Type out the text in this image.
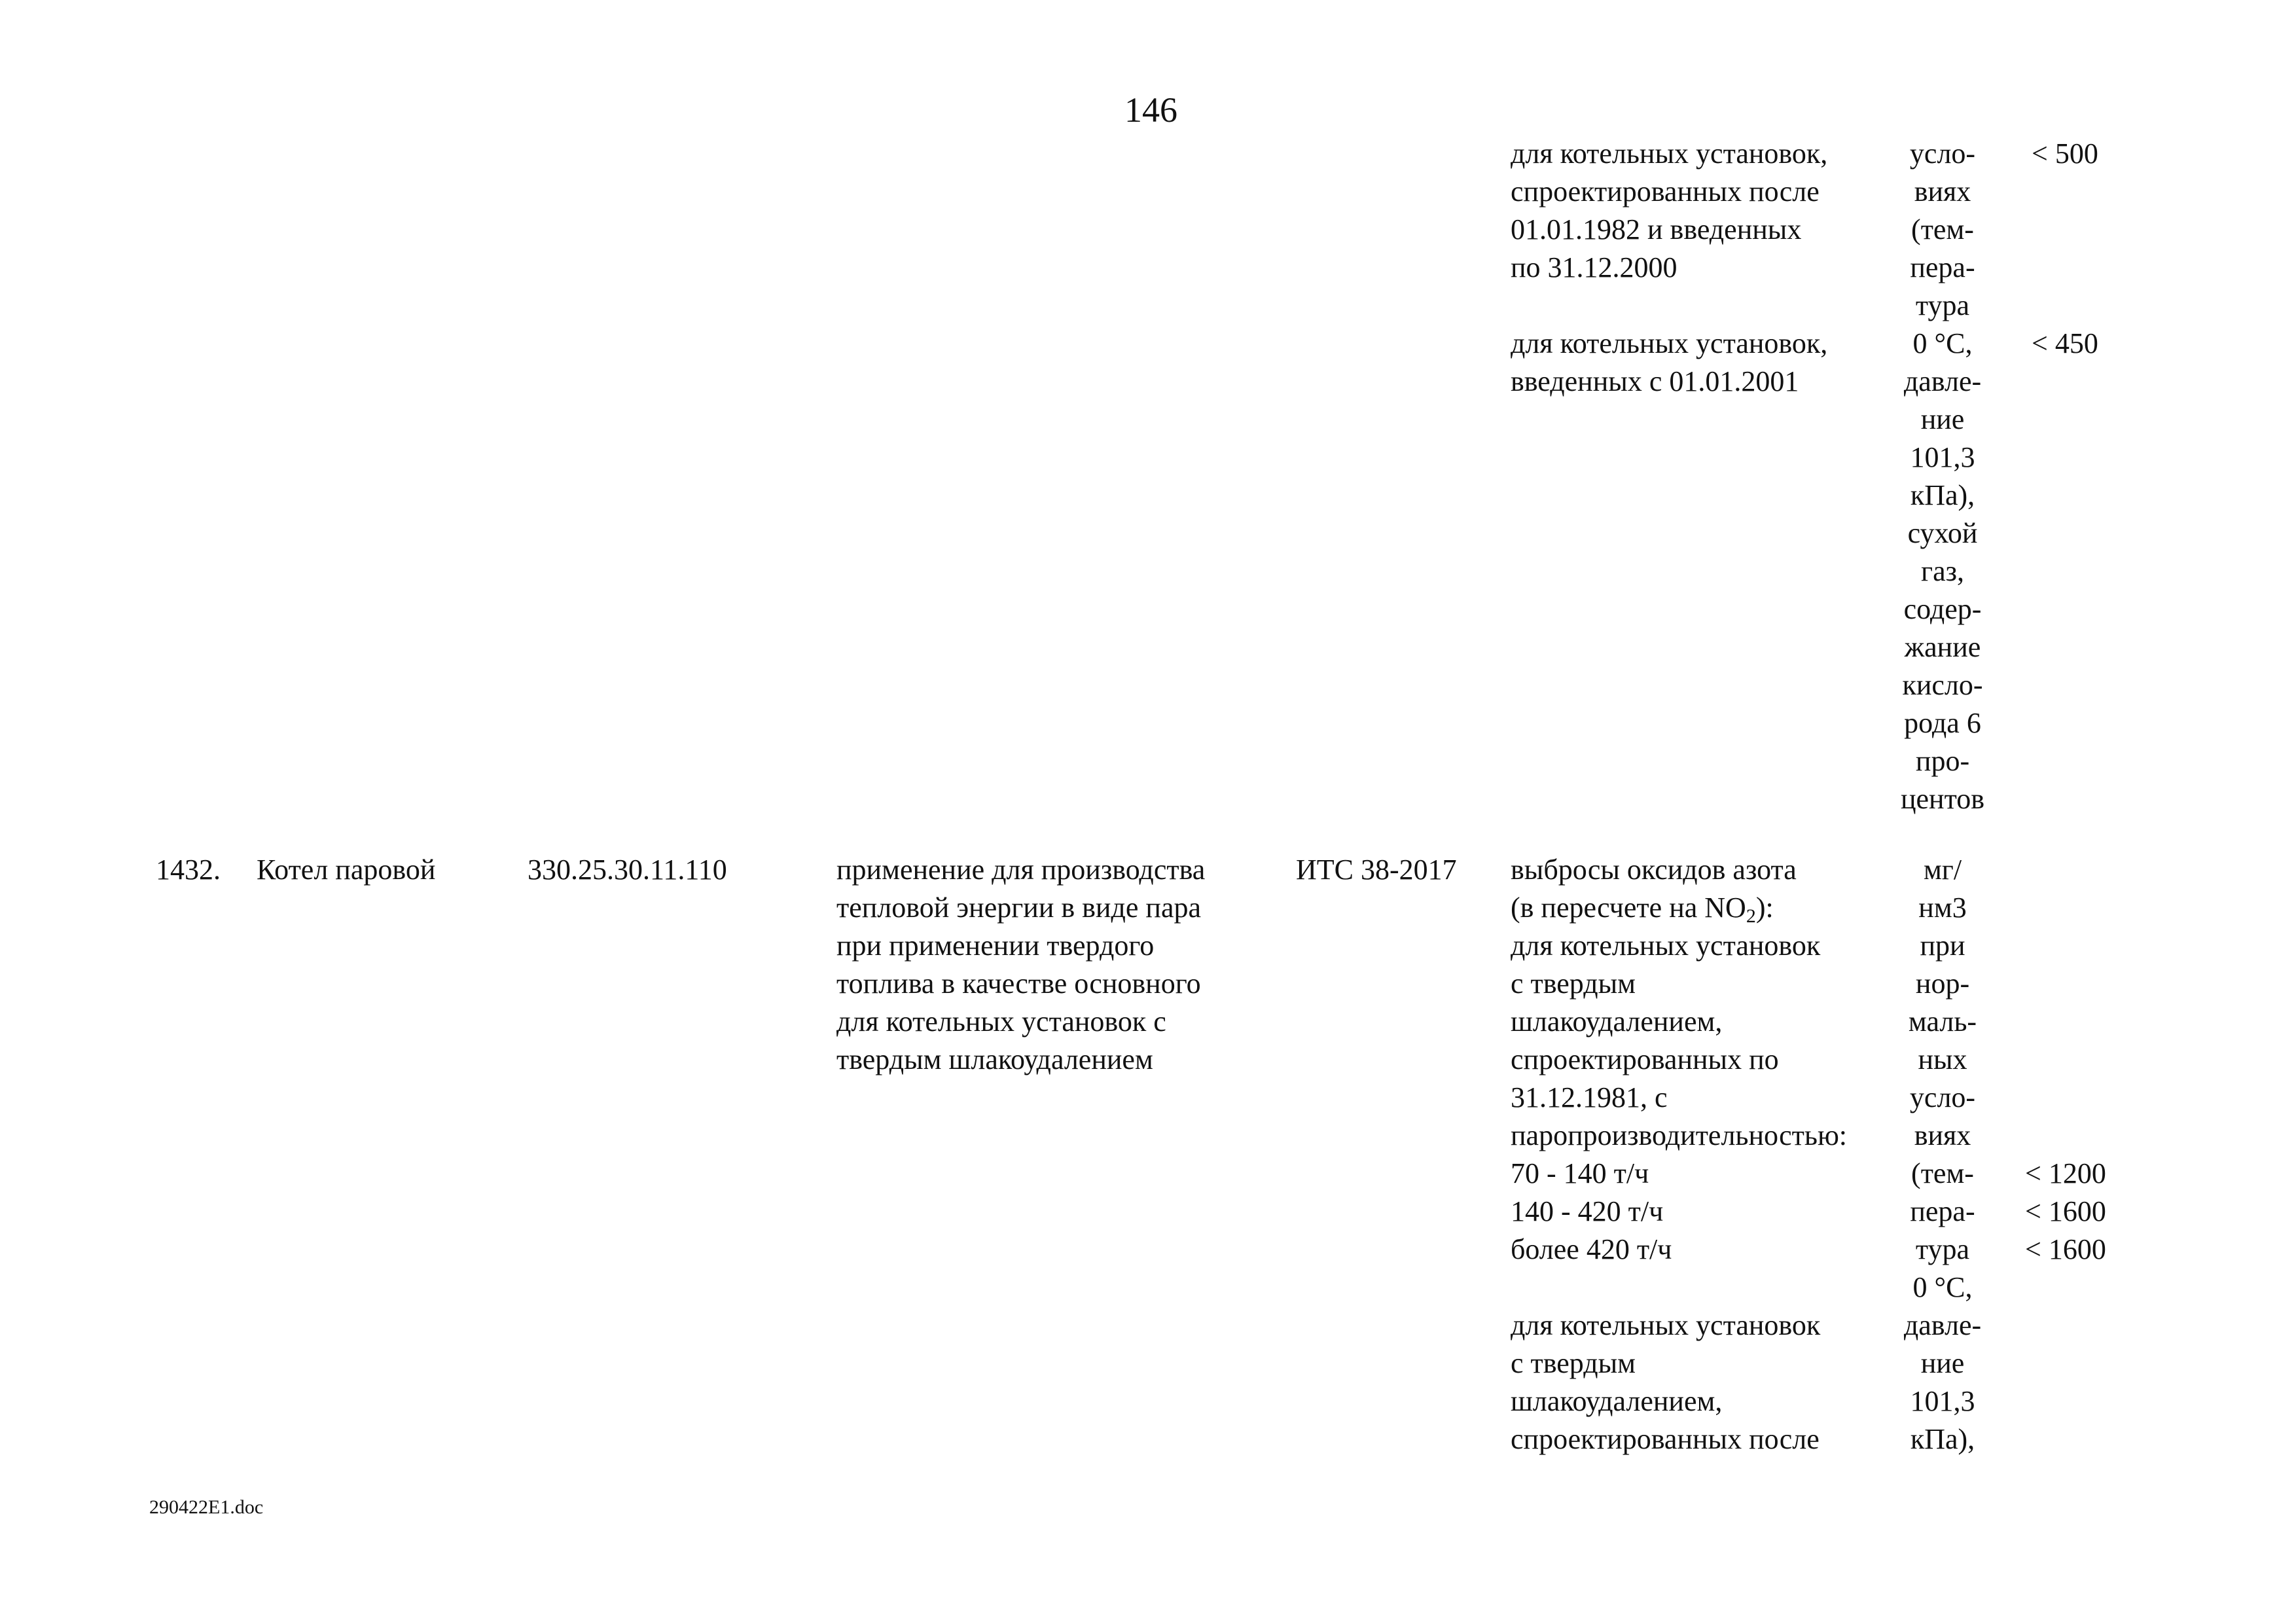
146
для котельных установок,
спроектированных после
01.01.1982 и введенных
по 31.12.2000
< 500
для котельных установок,
введенных с 01.01.2001
< 450
усло-
виях
(тем-
пера-
тура
0 °C,
давле-
ние
101,3
кПа),
сухой
газ,
содер-
жание
кисло-
рода 6
про-
центов
1432. Котел паровой	330.25.30.11.110	применение для производства
тепловой энергии в виде пара
при применении твердого
топлива в качестве основного
для котельных установок с
твердым шлакоудалением
ИТС 38-2017 выбросы оксидов азота
(в пересчете на $NO_2$):
для котельных установок
с твердым
шлакоудалением,
спроектированных по
31.12.1981, с
паропроизводительностью:
70 - 140 т/ч
140 - 420 т/ч
более 420 т/ч
для котельных установок
с твердым
шлакоудалением,
спроектированных после
мг/
нм3
при
нор-
маль-
ных
усло-
виях
(тем-
пера-
тура
0 °C,
давле-
ние
101,3
кПа),
< 1200
< 1600
< 1600
290422E1.doc
